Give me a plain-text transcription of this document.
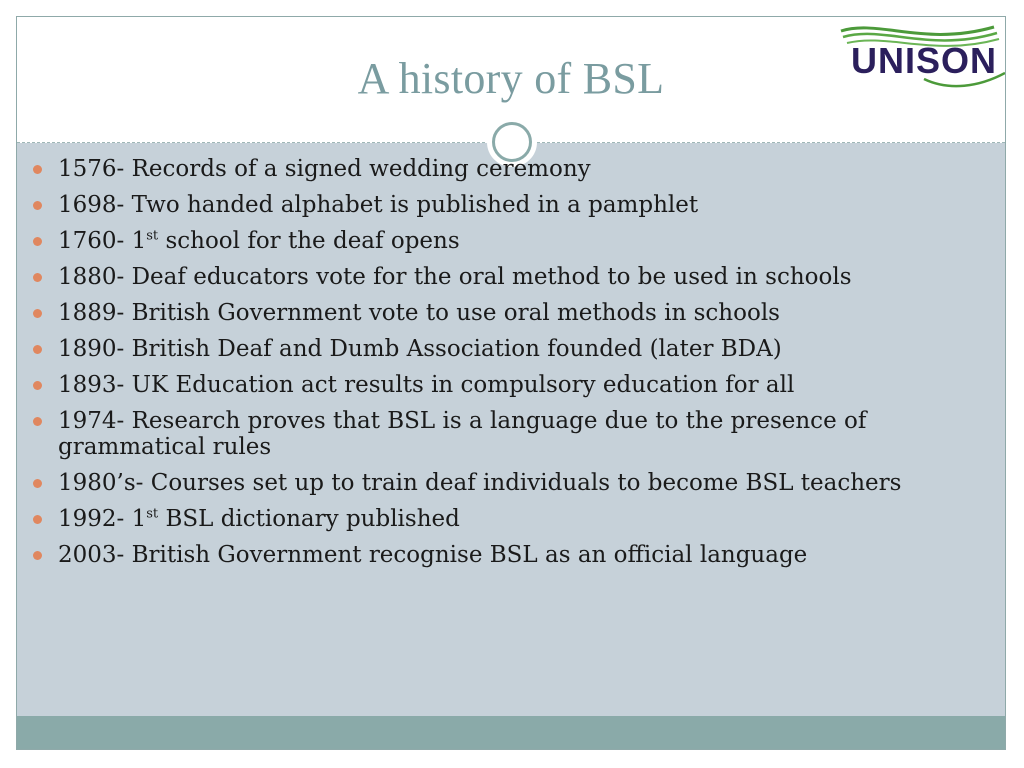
A history of BSL	UNISON
1576- Records of a signed wedding ceremony
1698- Two handed alphabet is published in a pamphlet
1760- 1st school for the deaf opens
1880- Deaf educators vote for the oral method to be used in schools
1889- British Government vote to use oral methods in schools
1890- British Deaf and Dumb Association founded (later BDA)
1893- UK Education act results in compulsory education for all
1974- Research proves that BSL is a language due to the presence of grammatical rules
1980’s- Courses set up to train deaf individuals to become BSL teachers
1992- 1st BSL dictionary published
2003- British Government recognise BSL as an official language
